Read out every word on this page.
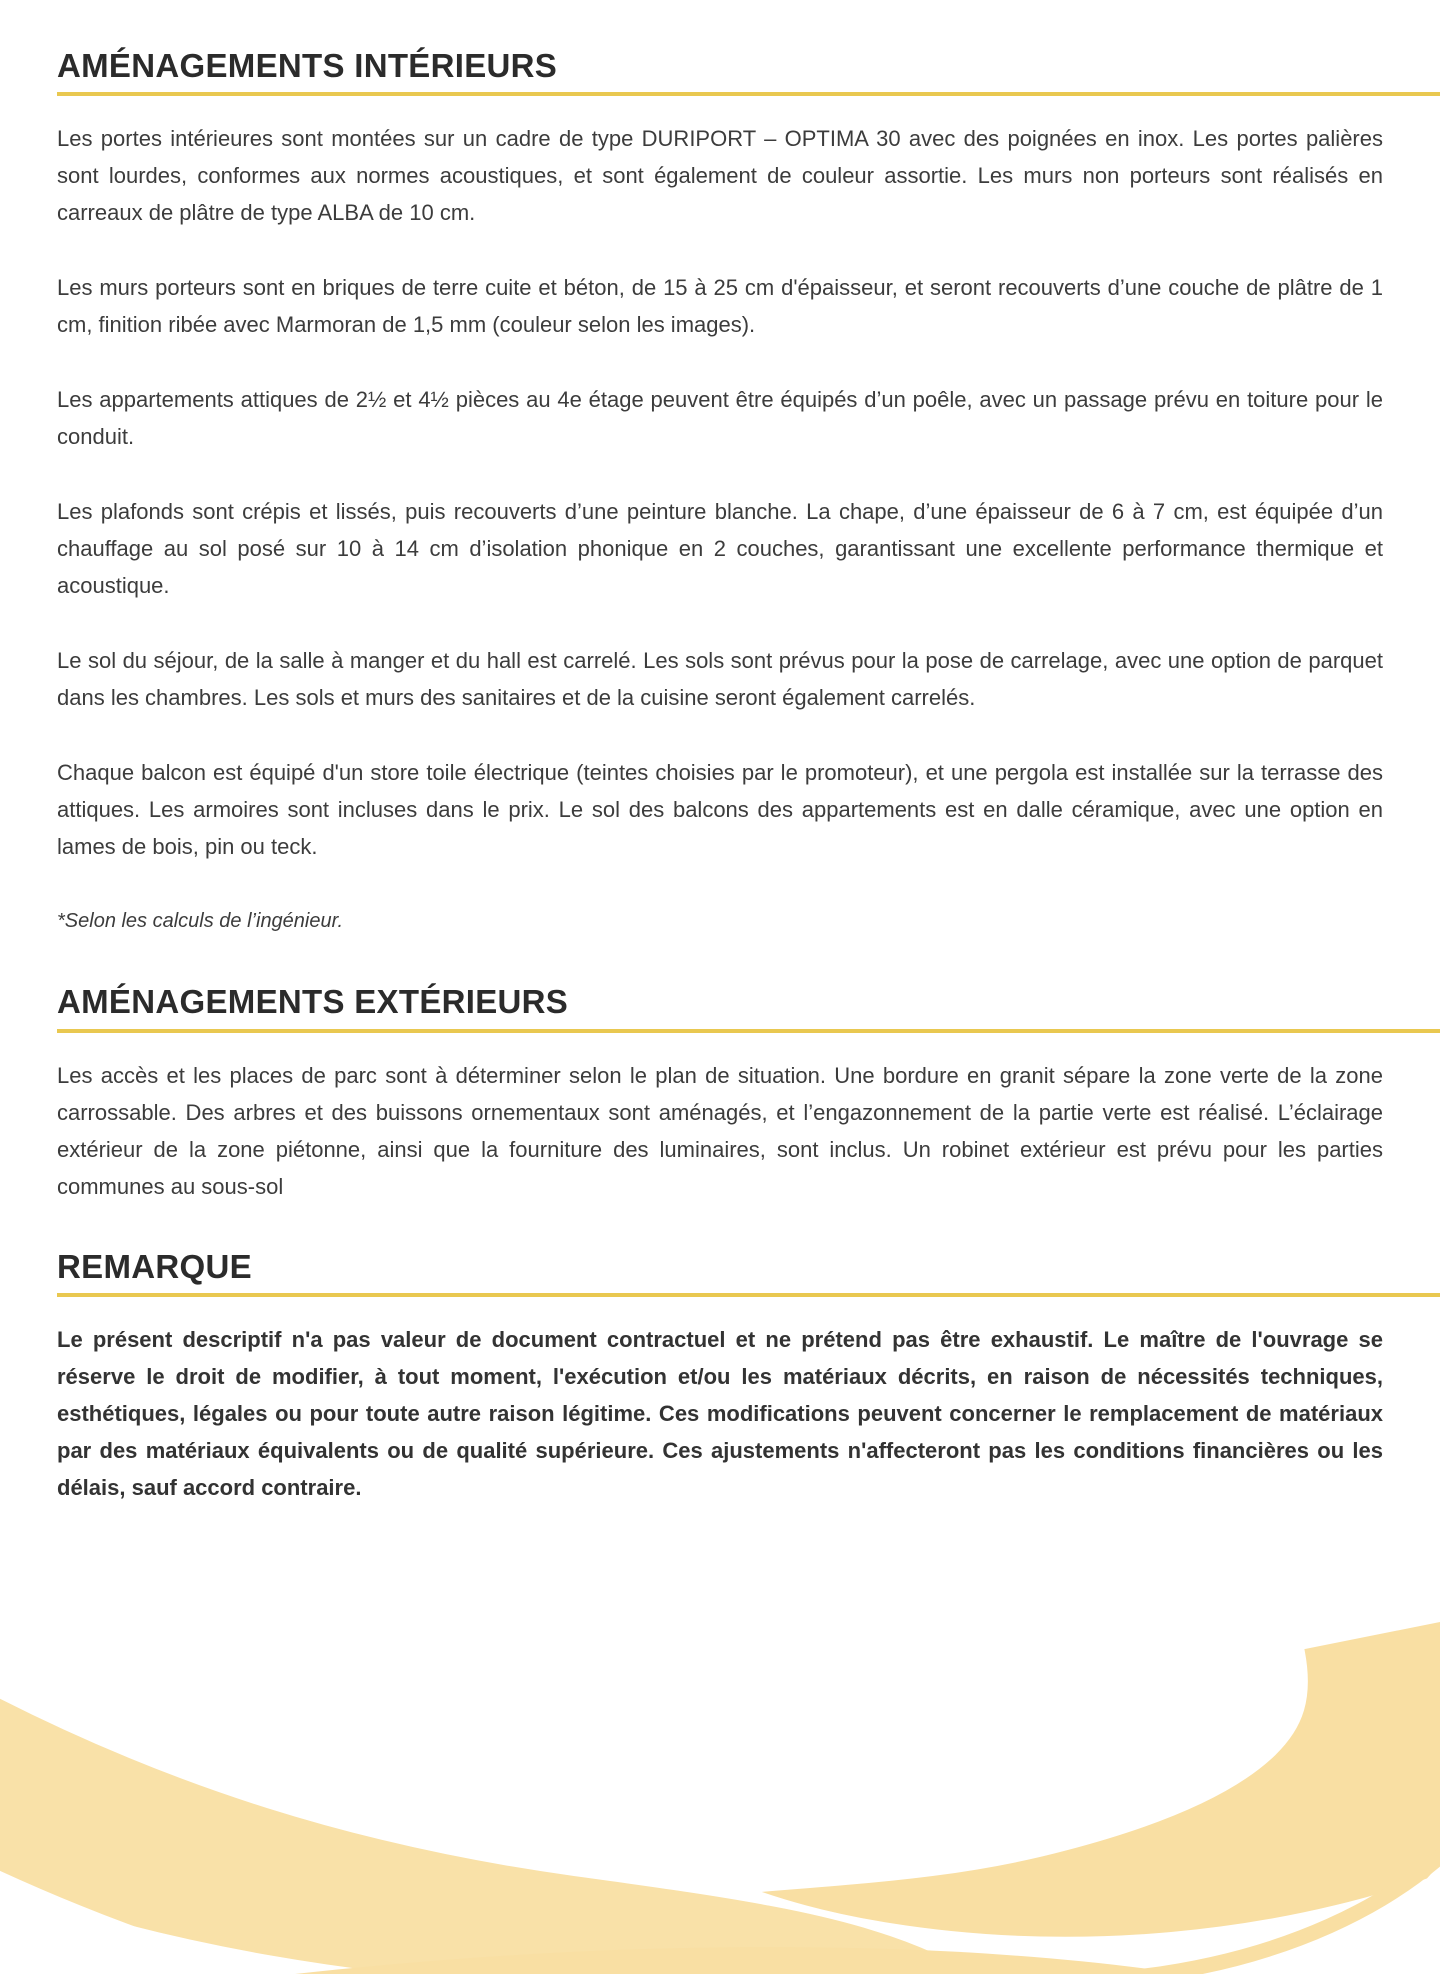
AMÉNAGEMENTS INTÉRIEURS

Les portes intérieures sont montées sur un cadre de type DURIPORT – OPTIMA 30 avec des poignées en inox. Les portes palières sont lourdes, conformes aux normes acoustiques, et sont également de couleur assortie. Les murs non porteurs sont réalisés en carreaux de plâtre de type ALBA de 10 cm.

Les murs porteurs sont en briques de terre cuite et béton, de 15 à 25 cm d'épaisseur, et seront recouverts d’une couche de plâtre de 1 cm, finition ribée avec Marmoran de 1,5 mm (couleur selon les images).

Les appartements attiques de 2½ et 4½ pièces au 4e étage peuvent être équipés d’un poêle, avec un passage prévu en toiture pour le conduit.

Les plafonds sont crépis et lissés, puis recouverts d’une peinture blanche. La chape, d’une épaisseur de 6 à 7 cm, est équipée d’un chauffage au sol posé sur 10 à 14 cm d’isolation phonique en 2 couches, garantissant une excellente performance thermique et acoustique.

Le sol du séjour, de la salle à manger et du hall est carrelé. Les sols sont prévus pour la pose de carrelage, avec une option de parquet dans les chambres. Les sols et murs des sanitaires et de la cuisine seront également carrelés.

Chaque balcon est équipé d'un store toile électrique (teintes choisies par le promoteur), et une pergola est installée sur la terrasse des attiques. Les armoires sont incluses dans le prix. Le sol des balcons des appartements est en dalle céramique, avec une option en lames de bois, pin ou teck.

*Selon les calculs de l’ingénieur.

AMÉNAGEMENTS EXTÉRIEURS

Les accès et les places de parc sont à déterminer selon le plan de situation. Une bordure en granit sépare la zone verte de la zone carrossable. Des arbres et des buissons ornementaux sont aménagés, et l’engazonnement de la partie verte est réalisé. L’éclairage extérieur de la zone piétonne, ainsi que la fourniture des luminaires, sont inclus. Un robinet extérieur est prévu pour les parties communes au sous-sol

REMARQUE

Le présent descriptif n'a pas valeur de document contractuel et ne prétend pas être exhaustif. Le maître de l'ouvrage se réserve le droit de modifier, à tout moment, l'exécution et/ou les matériaux décrits, en raison de nécessités techniques, esthétiques, légales ou pour toute autre raison légitime. Ces modifications peuvent concerner le remplacement de matériaux par des matériaux équivalents ou de qualité supérieure. Ces ajustements n'affecteront pas les conditions financières ou les délais, sauf accord contraire.
